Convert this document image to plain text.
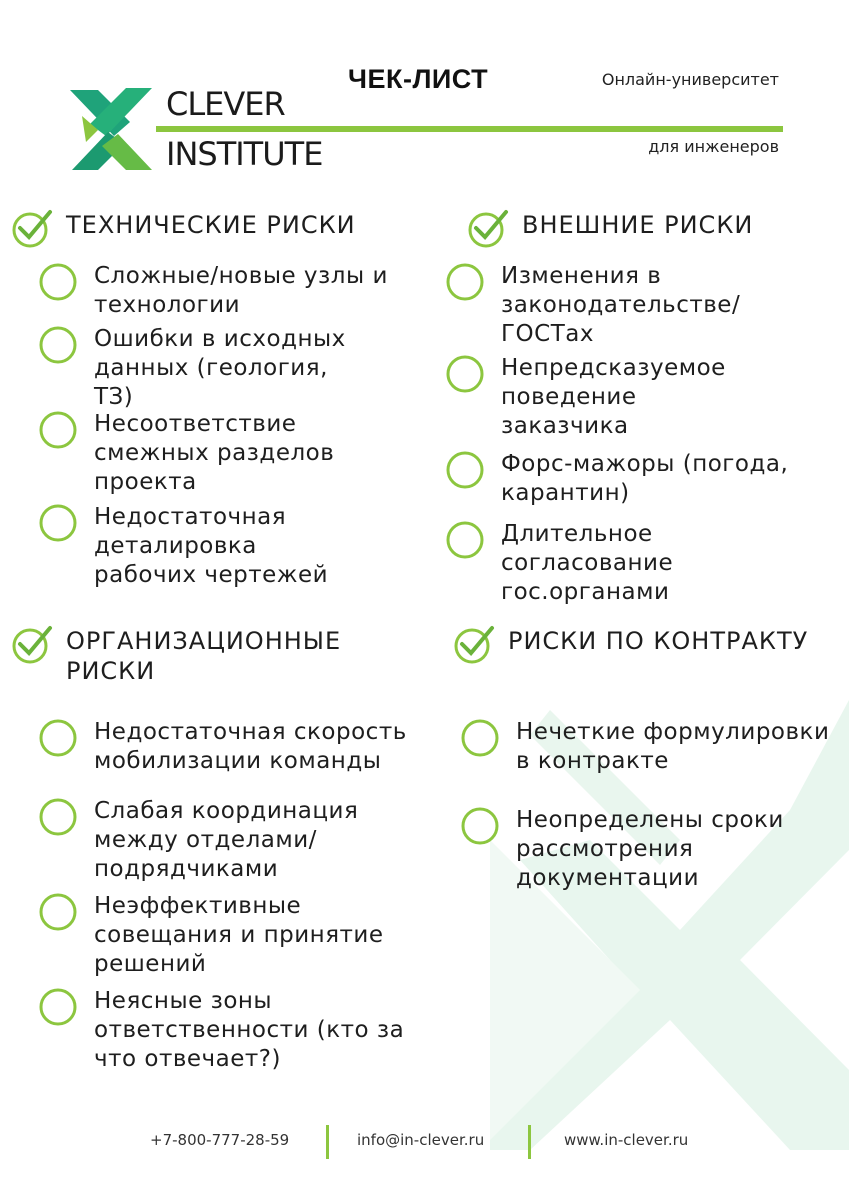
CLEVER
INSTITUTE
ЧЕК-ЛИСТ	Онлайн-университет
для инженеров
ТЕХНИЧЕСКИЕ РИСКИ
Сложные/новые узлы и
технологии
Ошибки в исходных
данных (геология,
ТЗ)
Несоответствие
смежных разделов
проекта
Недостаточная
деталировка
рабочих чертежей
ВНЕШНИЕ РИСКИ
Изменения в
законодательстве/
ГОСТах
Непредсказуемое
поведение
заказчика
Форс-мажоры (погода,
карантин)
Длительное
согласование
гос.органами
ОРГАНИЗАЦИОННЫЕ
РИСКИ
Недостаточная скорость
мобилизации команды
Слабая координация
между отделами/
подрядчиками
Неэффективные
совещания и принятие
решений
Неясные зоны
ответственности (кто за
что отвечает?)
РИСКИ ПО КОНТРАКТУ
Нечеткие формулировки
в контракте
Неопределены сроки
рассмотрения
документации
+7-800-777-28-59	info@in-clever.ru	www.in-clever.ru
